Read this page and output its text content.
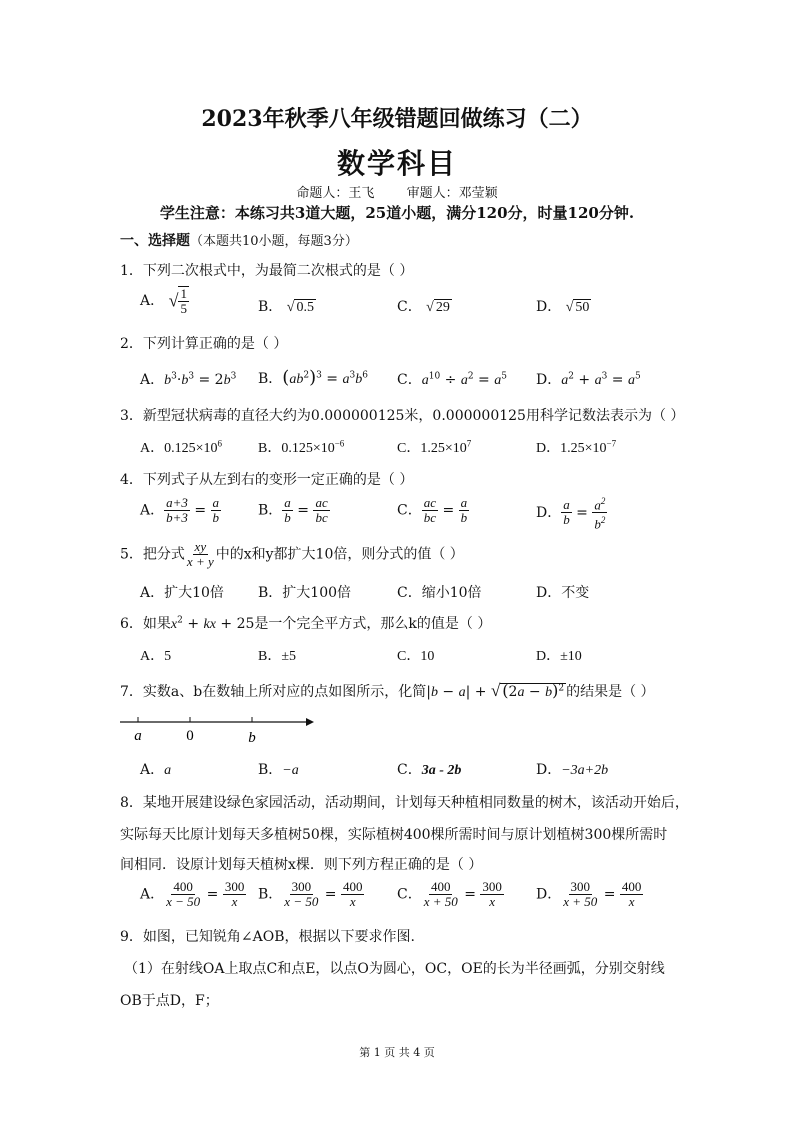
2023年秋季八年级错题回做练习（二）
数学科目
命题人：王飞 审题人：邓莹颖
学生注意：本练习共3道大题，25道小题，满分120分，时量120分钟.
一、选择题（本题共10小题，每题3分）
1．下列二次根式中，为最简二次根式的是（ ）
A． √ $\frac{1}{5}$	B． √ 0.5	C． √ 29	D． √ 50
2．下列计算正确的是（ ）
A．$b^3\cdot b^3 = 2b^3$ B．$(ab^2)^3 = a^3b^6$ C．$a^{10} \div a^2 = a^5$ D．$a^2 + a^3 = a^5$
3．新型冠状病毒的直径大约为0.000000125米，0.000000125用科学记数法表示为（ ）
A．$0.125\times 10^6$	B．$0.125\times 10^{-6}$	C．$1.25\times 10^7$	D．$1.25\times 10^{-7}$
4．下列式子从左到右的变形一定正确的是（ ）
A． $\frac{a+3}{b+3} = \frac{a}{b}$	B． $\frac{a}{b} = \frac{ac}{bc}$	C． $\frac{ac}{bc} = \frac{a}{b}$	D． $\frac{a}{b} = \frac{a^2}{b^2}$
5．把分式 $\frac{xy}{x + y}$ 中的x和y都扩大10倍，则分式的值（ ）
A．扩大10倍 B．扩大100倍	C．缩小10倍	D．不变
6．如果$x^2$ + kx + 25是一个完全平方式，那么k的值是（ ）
A．5	B．±5	C．10	D．±10
7．实数a、b在数轴上所对应的点如图所示，化简|b − a| + √ $(2a - b)^2$ 的结果是（ ）
a	0	b
A．a	B．−a	C．3a - 2b	D．−3a+2b
8．某地开展建设绿色家园活动，活动期间，计划每天种植相同数量的树木，该活动开始后，
实际每天比原计划每天多植树50棵，实际植树400棵所需时间与原计划植树300棵所需时
间相同．设原计划每天植树x棵．则下列方程正确的是（ ）
A． $\frac{400}{x - 50} = \frac{300}{x}$ B． $\frac{300}{x - 50} = \frac{400}{x}$ C． $\frac{400}{x + 50} = \frac{300}{x}$ D． $\frac{300}{x + 50} = \frac{400}{x}$
9．如图，已知锐角∠AOB，根据以下要求作图.
（1）在射线OA上取点C和点E，以点O为圆心，OC，OE的长为半径画弧，分别交射线
OB于点D，F；
第 1 页 共 4 页
